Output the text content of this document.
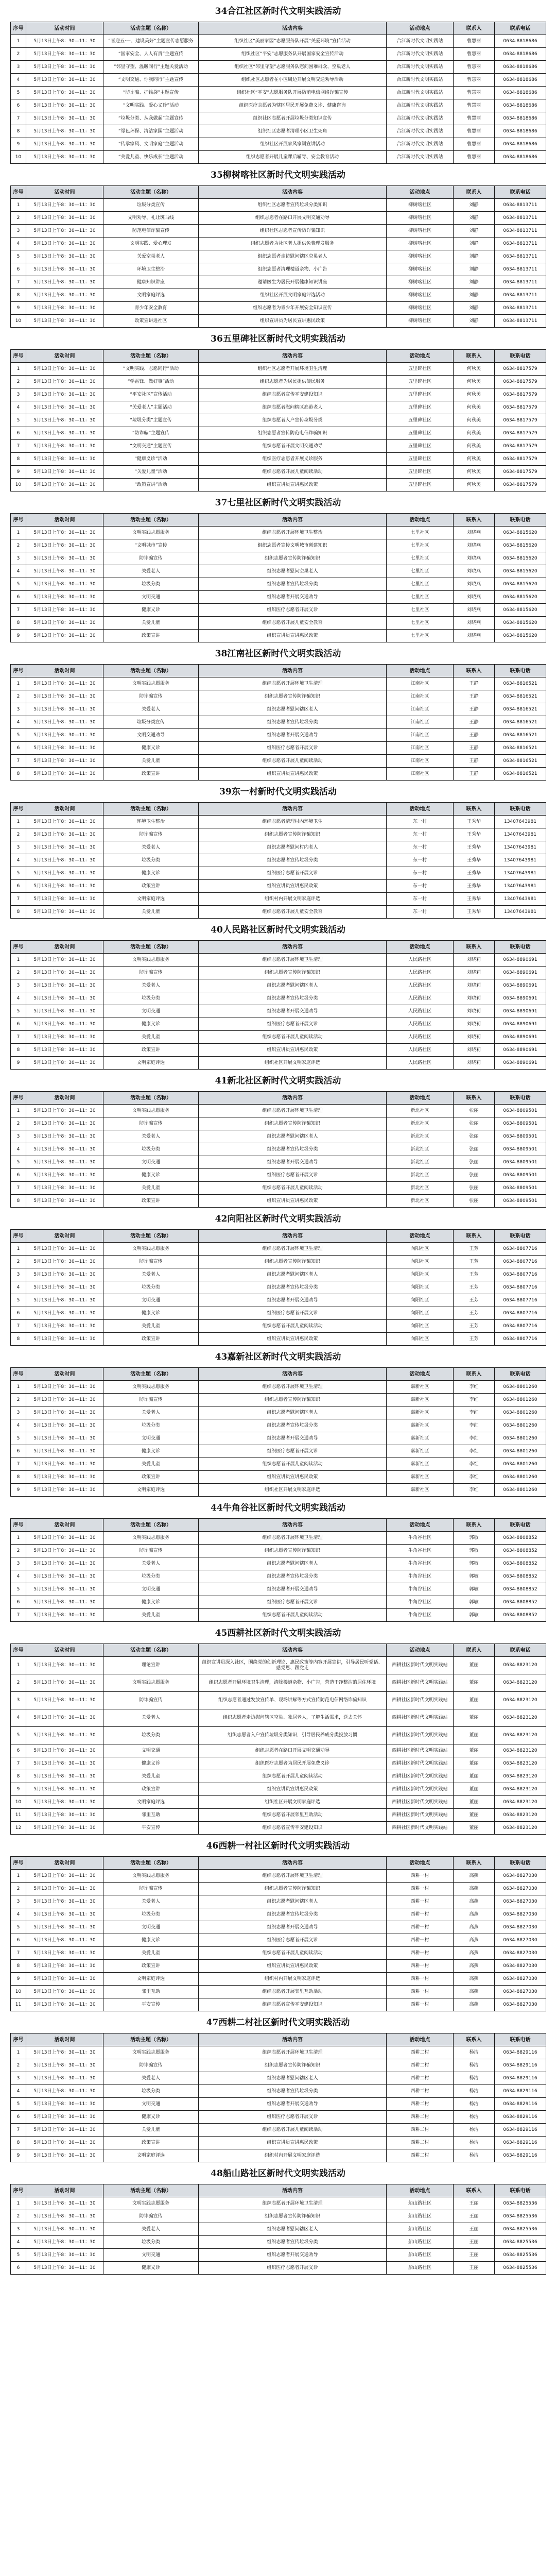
34合江社区新时代文明实践活动
序号	活动时间	活动主题（名称）	活动内容	活动地点	联系人	联系电话
1	5月13日上午8：30—11：30	“喜迎五·一、建设美好”主题宣传志愿服务	组织社区“美丽家园”志愿服务队开展“关爱环境”宣传活动	合江新时代文明实践站	曹慧丽	0634-8818686
2	5月13日上午8：30—11：30	“国家安全、人人有责”主题宣传	组织社区“平安”志愿服务队开展国家安全宣传活动	合江新时代文明实践站	曹慧丽	0634-8818686
3	5月13日上午8：30—11：30	“邻里守望、温暖同行”主题关爱活动	组织社区“邻里守望”志愿服务队慰问困难群众、空巢老人	合江新时代文明实践站	曹慧丽	0634-8818686
4	5月13日上午8：30—11：30	“文明交通、你我同行”主题宣传	组织社区志愿者在小区周边开展文明交通劝导活动	合江新时代文明实践站	曹慧丽	0634-8818686
5	5月13日上午8：30—11：30	“防诈骗、护钱袋”主题宣传	组织社区“平安”志愿服务队开展防范电信网络诈骗宣传	合江新时代文明实践站	曹慧丽	0634-8818686
6	5月13日上午8：30—11：30	“文明实践、爱心义诊”活动	组织医疗志愿者为辖区居民开展免费义诊、健康咨询	合江新时代文明实践站	曹慧丽	0634-8818686
7	5月13日上午8：30—11：30	“垃圾分类、从我做起”主题宣传	组织社区志愿者开展垃圾分类知识宣传	合江新时代文明实践站	曹慧丽	0634-8818686
8	5月13日上午8：30—11：30	“绿色环保、清洁家园”主题活动	组织社区志愿者清理小区卫生死角	合江新时代文明实践站	曹慧丽	0634-8818686
9	5月13日上午8：30—11：30	“传承家风、文明家庭”主题活动	组织社区开展家风家训宣讲活动	合江新时代文明实践站	曹慧丽	0634-8818686
10	5月13日上午8：30—11：30	“关爱儿童、快乐成长”主题活动	组织志愿者开展儿童课后辅导、安全教育活动	合江新时代文明实践站	曹慧丽	0634-8818686
35柳树喀社区新时代文明实践活动
序号	活动时间	活动主题（名称）	活动内容	活动地点	联系人	联系电话
1	5月13日上午8：30—11：30	垃圾分类宣传	组织社区志愿者宣传垃圾分类知识	柳树喀社区	刘静	0634-8813711
2	5月13日上午8：30—11：30	文明劝导、礼让斑马线	组织志愿者在路口开展文明交通劝导	柳树喀社区	刘静	0634-8813711
3	5月13日上午8：30—11：30	防范电信诈骗宣传	组织社区志愿者宣传防诈骗知识	柳树喀社区	刘静	0634-8813711
4	5月13日上午8：30—11：30	文明实践、爱心理发	组织志愿者为社区老人提供免费理发服务	柳树喀社区	刘静	0634-8813711
5	5月13日上午8：30—11：30	关爱空巢老人	组织志愿者走访慰问辖区空巢老人	柳树喀社区	刘静	0634-8813711
6	5月13日上午8：30—11：30	环境卫生整治	组织志愿者清理楼道杂物、小广告	柳树喀社区	刘静	0634-8813711
7	5月13日上午8：30—11：30	健康知识讲座	邀请医生为居民开展健康知识讲座	柳树喀社区	刘静	0634-8813711
8	5月13日上午8：30—11：30	文明家庭评选	组织社区开展文明家庭评选活动	柳树喀社区	刘静	0634-8813711
9	5月13日上午8：30—11：30	青少年安全教育	组织志愿者为青少年开展安全知识宣传	柳树喀社区	刘静	0634-8813711
10	5月13日上午8：30—11：30	政策宣讲进社区	组织宣讲员为居民宣讲惠民政策	柳树喀社区	刘静	0634-8813711
36五里碑社区新时代文明实践活动
序号	活动时间	活动主题（名称）	活动内容	活动地点	联系人	联系电话
1	5月13日上午8：30—11：30	“文明实践、志愿同行”活动	组织社区志愿者开展环境卫生清理	五里碑社区	何秋美	0634-8817579
2	5月13日上午8：30—11：30	“学雷锋、做好事”活动	组织志愿者为居民提供便民服务	五里碑社区	何秋美	0634-8817579
3	5月13日上午8：30—11：30	“平安社区”宣传活动	组织志愿者宣传平安建设知识	五里碑社区	何秋美	0634-8817579
4	5月13日上午8：30—11：30	“关爱老人”主题活动	组织志愿者慰问辖区高龄老人	五里碑社区	何秋美	0634-8817579
5	5月13日上午8：30—11：30	“垃圾分类”主题宣传	组织志愿者入户宣传垃圾分类	五里碑社区	何秋美	0634-8817579
6	5月13日上午8：30—11：30	“防诈骗”主题宣传	组织志愿者宣传防范电信诈骗知识	五里碑社区	何秋美	0634-8817579
7	5月13日上午8：30—11：30	“文明交通”主题宣传	组织志愿者开展文明交通劝导	五里碑社区	何秋美	0634-8817579
8	5月13日上午8：30—11：30	“健康义诊”活动	组织医疗志愿者开展义诊服务	五里碑社区	何秋美	0634-8817579
9	5月13日上午8：30—11：30	“关爱儿童”活动	组织志愿者开展儿童阅读活动	五里碑社区	何秋美	0634-8817579
10	5月13日上午8：30—11：30	“政策宣讲”活动	组织宣讲员宣讲惠民政策	五里碑社区	何秋美	0634-8817579
37七里社区新时代文明实践活动
序号	活动时间	活动主题（名称）	活动内容	活动地点	联系人	联系电话
1	5月13日上午8：30—11：30	文明实践志愿服务	组织志愿者开展环境卫生整治	七里社区	刘晓燕	0634-8815620
2	5月13日上午8：30—11：30	“文明城市”宣传	组织志愿者宣传文明城市创建知识	七里社区	刘晓燕	0634-8815620
3	5月13日上午8：30—11：30	防诈骗宣传	组织志愿者宣传防诈骗知识	七里社区	刘晓燕	0634-8815620
4	5月13日上午8：30—11：30	关爱老人	组织志愿者慰问空巢老人	七里社区	刘晓燕	0634-8815620
5	5月13日上午8：30—11：30	垃圾分类	组织志愿者宣传垃圾分类	七里社区	刘晓燕	0634-8815620
6	5月13日上午8：30—11：30	文明交通	组织志愿者开展交通劝导	七里社区	刘晓燕	0634-8815620
7	5月13日上午8：30—11：30	健康义诊	组织医疗志愿者开展义诊	七里社区	刘晓燕	0634-8815620
8	5月13日上午8：30—11：30	关爱儿童	组织志愿者开展儿童安全教育	七里社区	刘晓燕	0634-8815620
9	5月13日上午8：30—11：30	政策宣讲	组织宣讲员宣讲惠民政策	七里社区	刘晓燕	0634-8815620
38江南社区新时代文明实践活动
序号	活动时间	活动主题（名称）	活动内容	活动地点	联系人	联系电话
1	5月13日上午8：30—11：30	文明实践志愿服务	组织志愿者开展环境卫生清理	江南社区	王静	0634-8816521
2	5月13日上午8：30—11：30	防诈骗宣传	组织志愿者宣传防诈骗知识	江南社区	王静	0634-8816521
3	5月13日上午8：30—11：30	关爱老人	组织志愿者慰问辖区老人	江南社区	王静	0634-8816521
4	5月13日上午8：30—11：30	垃圾分类宣传	组织志愿者宣传垃圾分类	江南社区	王静	0634-8816521
5	5月13日上午8：30—11：30	文明交通劝导	组织志愿者开展交通劝导	江南社区	王静	0634-8816521
6	5月13日上午8：30—11：30	健康义诊	组织医疗志愿者开展义诊	江南社区	王静	0634-8816521
7	5月13日上午8：30—11：30	关爱儿童	组织志愿者开展儿童阅读活动	江南社区	王静	0634-8816521
8	5月13日上午8：30—11：30	政策宣讲	组织宣讲员宣讲惠民政策	江南社区	王静	0634-8816521
39东一村新时代文明实践活动
序号	活动时间	活动主题（名称）	活动内容	活动地点	联系人	联系电话
1	5月13日上午8：30—11：30	环境卫生整治	组织志愿者清理村内环境卫生	东一村	王秀华	13407643981
2	5月13日上午8：30—11：30	防诈骗宣传	组织志愿者宣传防诈骗知识	东一村	王秀华	13407643981
3	5月13日上午8：30—11：30	关爱老人	组织志愿者慰问村内老人	东一村	王秀华	13407643981
4	5月13日上午8：30—11：30	垃圾分类	组织志愿者宣传垃圾分类	东一村	王秀华	13407643981
5	5月13日上午8：30—11：30	健康义诊	组织医疗志愿者开展义诊	东一村	王秀华	13407643981
6	5月13日上午8：30—11：30	政策宣讲	组织宣讲员宣讲惠民政策	东一村	王秀华	13407643981
7	5月13日上午8：30—11：30	文明家庭评选	组织村内开展文明家庭评选	东一村	王秀华	13407643981
8	5月13日上午8：30—11：30	关爱儿童	组织志愿者开展儿童安全教育	东一村	王秀华	13407643981
40人民路社区新时代文明实践活动
序号	活动时间	活动主题（名称）	活动内容	活动地点	联系人	联系电话
1	5月13日上午8：30—11：30	文明实践志愿服务	组织志愿者开展环境卫生清理	人民路社区	刘晓莉	0634-8890691
2	5月13日上午8：30—11：30	防诈骗宣传	组织志愿者宣传防诈骗知识	人民路社区	刘晓莉	0634-8890691
3	5月13日上午8：30—11：30	关爱老人	组织志愿者慰问辖区老人	人民路社区	刘晓莉	0634-8890691
4	5月13日上午8：30—11：30	垃圾分类	组织志愿者宣传垃圾分类	人民路社区	刘晓莉	0634-8890691
5	5月13日上午8：30—11：30	文明交通	组织志愿者开展交通劝导	人民路社区	刘晓莉	0634-8890691
6	5月13日上午8：30—11：30	健康义诊	组织医疗志愿者开展义诊	人民路社区	刘晓莉	0634-8890691
7	5月13日上午8：30—11：30	关爱儿童	组织志愿者开展儿童阅读活动	人民路社区	刘晓莉	0634-8890691
8	5月13日上午8：30—11：30	政策宣讲	组织宣讲员宣讲惠民政策	人民路社区	刘晓莉	0634-8890691
9	5月13日上午8：30—11：30	文明家庭评选	组织社区开展文明家庭评选	人民路社区	刘晓莉	0634-8890691
41新北社区新时代文明实践活动
序号	活动时间	活动主题（名称）	活动内容	活动地点	联系人	联系电话
1	5月13日上午8：30—11：30	文明实践志愿服务	组织志愿者开展环境卫生清理	新北社区	张丽	0634-8809501
2	5月13日上午8：30—11：30	防诈骗宣传	组织志愿者宣传防诈骗知识	新北社区	张丽	0634-8809501
3	5月13日上午8：30—11：30	关爱老人	组织志愿者慰问辖区老人	新北社区	张丽	0634-8809501
4	5月13日上午8：30—11：30	垃圾分类	组织志愿者宣传垃圾分类	新北社区	张丽	0634-8809501
5	5月13日上午8：30—11：30	文明交通	组织志愿者开展交通劝导	新北社区	张丽	0634-8809501
6	5月13日上午8：30—11：30	健康义诊	组织医疗志愿者开展义诊	新北社区	张丽	0634-8809501
7	5月13日上午8：30—11：30	关爱儿童	组织志愿者开展儿童阅读活动	新北社区	张丽	0634-8809501
8	5月13日上午8：30—11：30	政策宣讲	组织宣讲员宣讲惠民政策	新北社区	张丽	0634-8809501
42向阳社区新时代文明实践活动
序号	活动时间	活动主题（名称）	活动内容	活动地点	联系人	联系电话
1	5月13日上午8：30—11：30	文明实践志愿服务	组织志愿者开展环境卫生清理	向阳社区	王芳	0634-8807716
2	5月13日上午8：30—11：30	防诈骗宣传	组织志愿者宣传防诈骗知识	向阳社区	王芳	0634-8807716
3	5月13日上午8：30—11：30	关爱老人	组织志愿者慰问辖区老人	向阳社区	王芳	0634-8807716
4	5月13日上午8：30—11：30	垃圾分类	组织志愿者宣传垃圾分类	向阳社区	王芳	0634-8807716
5	5月13日上午8：30—11：30	文明交通	组织志愿者开展交通劝导	向阳社区	王芳	0634-8807716
6	5月13日上午8：30—11：30	健康义诊	组织医疗志愿者开展义诊	向阳社区	王芳	0634-8807716
7	5月13日上午8：30—11：30	关爱儿童	组织志愿者开展儿童阅读活动	向阳社区	王芳	0634-8807716
8	5月13日上午8：30—11：30	政策宣讲	组织宣讲员宣讲惠民政策	向阳社区	王芳	0634-8807716
43嘉新社区新时代文明实践活动
序号	活动时间	活动主题（名称）	活动内容	活动地点	联系人	联系电话
1	5月13日上午8：30—11：30	文明实践志愿服务	组织志愿者开展环境卫生清理	嘉新社区	李红	0634-8801260
2	5月13日上午8：30—11：30	防诈骗宣传	组织志愿者宣传防诈骗知识	嘉新社区	李红	0634-8801260
3	5月13日上午8：30—11：30	关爱老人	组织志愿者慰问辖区老人	嘉新社区	李红	0634-8801260
4	5月13日上午8：30—11：30	垃圾分类	组织志愿者宣传垃圾分类	嘉新社区	李红	0634-8801260
5	5月13日上午8：30—11：30	文明交通	组织志愿者开展交通劝导	嘉新社区	李红	0634-8801260
6	5月13日上午8：30—11：30	健康义诊	组织医疗志愿者开展义诊	嘉新社区	李红	0634-8801260
7	5月13日上午8：30—11：30	关爱儿童	组织志愿者开展儿童阅读活动	嘉新社区	李红	0634-8801260
8	5月13日上午8：30—11：30	政策宣讲	组织宣讲员宣讲惠民政策	嘉新社区	李红	0634-8801260
9	5月13日上午8：30—11：30	文明家庭评选	组织社区开展文明家庭评选	嘉新社区	李红	0634-8801260
44牛角谷社区新时代文明实践活动
序号	活动时间	活动主题（名称）	活动内容	活动地点	联系人	联系电话
1	5月13日上午8：30—11：30	文明实践志愿服务	组织志愿者开展环境卫生清理	牛角谷社区	郭敏	0634-8808852
2	5月13日上午8：30—11：30	防诈骗宣传	组织志愿者宣传防诈骗知识	牛角谷社区	郭敏	0634-8808852
3	5月13日上午8：30—11：30	关爱老人	组织志愿者慰问辖区老人	牛角谷社区	郭敏	0634-8808852
4	5月13日上午8：30—11：30	垃圾分类	组织志愿者宣传垃圾分类	牛角谷社区	郭敏	0634-8808852
5	5月13日上午8：30—11：30	文明交通	组织志愿者开展交通劝导	牛角谷社区	郭敏	0634-8808852
6	5月13日上午8：30—11：30	健康义诊	组织医疗志愿者开展义诊	牛角谷社区	郭敏	0634-8808852
7	5月13日上午8：30—11：30	关爱儿童	组织志愿者开展儿童阅读活动	牛角谷社区	郭敏	0634-8808852
45西耕社区新时代文明实践活动
序号	活动时间	活动主题（名称）	活动内容	活动地点	联系人	联系电话
1	5月13日上午8：30—11：30	理论宣讲	组织宣讲员深入社区，围绕党的创新理论、惠民政策等内容开展宣讲，引导居民听党话、感党恩、跟党走	西耕社区新时代文明实践站	董丽	0634-8823120
2	5月13日上午8：30—11：30	文明实践志愿服务	组织志愿者开展环境卫生清理，清除楼道杂物、小广告，营造干净整洁的居住环境	西耕社区新时代文明实践站	董丽	0634-8823120
3	5月13日上午8：30—11：30	防诈骗宣传	组织志愿者通过发放宣传单、现场讲解等方式宣传防范电信网络诈骗知识	西耕社区新时代文明实践站	董丽	0634-8823120
4	5月13日上午8：30—11：30	关爱老人	组织志愿者走访慰问辖区空巢、独居老人，了解生活需求，送去关怀	西耕社区新时代文明实践站	董丽	0634-8823120
5	5月13日上午8：30—11：30	垃圾分类	组织志愿者入户宣传垃圾分类知识，引导居民养成分类投放习惯	西耕社区新时代文明实践站	董丽	0634-8823120
6	5月13日上午8：30—11：30	文明交通	组织志愿者在路口开展文明交通劝导	西耕社区新时代文明实践站	董丽	0634-8823120
7	5月13日上午8：30—11：30	健康义诊	组织医疗志愿者为居民开展免费义诊	西耕社区新时代文明实践站	董丽	0634-8823120
8	5月13日上午8：30—11：30	关爱儿童	组织志愿者开展儿童阅读活动	西耕社区新时代文明实践站	董丽	0634-8823120
9	5月13日上午8：30—11：30	政策宣讲	组织宣讲员宣讲惠民政策	西耕社区新时代文明实践站	董丽	0634-8823120
10	5月13日上午8：30—11：30	文明家庭评选	组织社区开展文明家庭评选	西耕社区新时代文明实践站	董丽	0634-8823120
11	5月13日上午8：30—11：30	邻里互助	组织志愿者开展邻里互助活动	西耕社区新时代文明实践站	董丽	0634-8823120
12	5月13日上午8：30—11：30	平安宣传	组织志愿者宣传平安建设知识	西耕社区新时代文明实践站	董丽	0634-8823120
46西耕一村社区新时代文明实践活动
序号	活动时间	活动主题（名称）	活动内容	活动地点	联系人	联系电话
1	5月13日上午8：30—11：30	文明实践志愿服务	组织志愿者开展环境卫生清理	西耕一村	高燕	0634-8827030
2	5月13日上午8：30—11：30	防诈骗宣传	组织志愿者宣传防诈骗知识	西耕一村	高燕	0634-8827030
3	5月13日上午8：30—11：30	关爱老人	组织志愿者慰问辖区老人	西耕一村	高燕	0634-8827030
4	5月13日上午8：30—11：30	垃圾分类	组织志愿者宣传垃圾分类	西耕一村	高燕	0634-8827030
5	5月13日上午8：30—11：30	文明交通	组织志愿者开展交通劝导	西耕一村	高燕	0634-8827030
6	5月13日上午8：30—11：30	健康义诊	组织医疗志愿者开展义诊	西耕一村	高燕	0634-8827030
7	5月13日上午8：30—11：30	关爱儿童	组织志愿者开展儿童阅读活动	西耕一村	高燕	0634-8827030
8	5月13日上午8：30—11：30	政策宣讲	组织宣讲员宣讲惠民政策	西耕一村	高燕	0634-8827030
9	5月13日上午8：30—11：30	文明家庭评选	组织村内开展文明家庭评选	西耕一村	高燕	0634-8827030
10	5月13日上午8：30—11：30	邻里互助	组织志愿者开展邻里互助活动	西耕一村	高燕	0634-8827030
11	5月13日上午8：30—11：30	平安宣传	组织志愿者宣传平安建设知识	西耕一村	高燕	0634-8827030
47西耕二村社区新时代文明实践活动
序号	活动时间	活动主题（名称）	活动内容	活动地点	联系人	联系电话
1	5月13日上午8：30—11：30	文明实践志愿服务	组织志愿者开展环境卫生清理	西耕二村	杨洁	0634-8829116
2	5月13日上午8：30—11：30	防诈骗宣传	组织志愿者宣传防诈骗知识	西耕二村	杨洁	0634-8829116
3	5月13日上午8：30—11：30	关爱老人	组织志愿者慰问辖区老人	西耕二村	杨洁	0634-8829116
4	5月13日上午8：30—11：30	垃圾分类	组织志愿者宣传垃圾分类	西耕二村	杨洁	0634-8829116
5	5月13日上午8：30—11：30	文明交通	组织志愿者开展交通劝导	西耕二村	杨洁	0634-8829116
6	5月13日上午8：30—11：30	健康义诊	组织医疗志愿者开展义诊	西耕二村	杨洁	0634-8829116
7	5月13日上午8：30—11：30	关爱儿童	组织志愿者开展儿童阅读活动	西耕二村	杨洁	0634-8829116
8	5月13日上午8：30—11：30	政策宣讲	组织宣讲员宣讲惠民政策	西耕二村	杨洁	0634-8829116
9	5月13日上午8：30—11：30	文明家庭评选	组织村内开展文明家庭评选	西耕二村	杨洁	0634-8829116
48船山路社区新时代文明实践活动
序号	活动时间	活动主题（名称）	活动内容	活动地点	联系人	联系电话
1	5月13日上午8：30—11：30	文明实践志愿服务	组织志愿者开展环境卫生清理	船山路社区	王丽	0634-8825536
2	5月13日上午8：30—11：30	防诈骗宣传	组织志愿者宣传防诈骗知识	船山路社区	王丽	0634-8825536
3	5月13日上午8：30—11：30	关爱老人	组织志愿者慰问辖区老人	船山路社区	王丽	0634-8825536
4	5月13日上午8：30—11：30	垃圾分类	组织志愿者宣传垃圾分类	船山路社区	王丽	0634-8825536
5	5月13日上午8：30—11：30	文明交通	组织志愿者开展交通劝导	船山路社区	王丽	0634-8825536
6	5月13日上午8：30—11：30	健康义诊	组织医疗志愿者开展义诊	船山路社区	王丽	0634-8825536
